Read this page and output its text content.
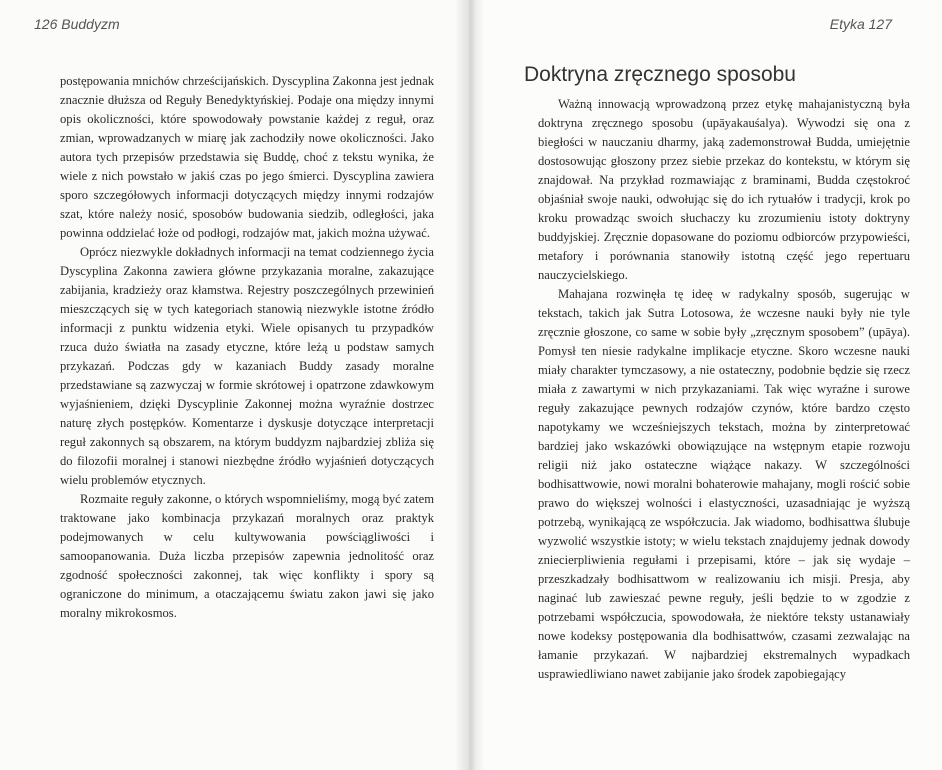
126 Buddyzm

postępowania mnichów chrześcijańskich. Dyscyplina Zakonna jest jednak znacznie dłuższa od Reguły Benedyktyńskiej. Podaje ona między innymi opis okoliczności, które spowodowały powstanie każdej z reguł, oraz zmian, wprowadzanych w miarę jak zachodziły nowe okoliczności. Jako autora tych przepisów przedstawia się Buddę, choć z tekstu wynika, że wiele z nich powstało w jakiś czas po jego śmierci. Dyscyplina zawiera sporo szczegółowych informacji dotyczących między innymi rodzajów szat, które należy nosić, sposobów budowania siedzib, odległości, jaka powinna oddzielać łoże od podłogi, rodzajów mat, jakich można używać.

Oprócz niezwykle dokładnych informacji na temat codziennego życia Dyscyplina Zakonna zawiera główne przykazania moralne, zakazujące zabijania, kradzieży oraz kłamstwa. Rejestry poszczególnych przewinień mieszczących się w tych kategoriach stanowią niezwykle istotne źródło informacji z punktu widzenia etyki. Wiele opisanych tu przypadków rzuca dużo światła na zasady etyczne, które leżą u podstaw samych przykazań. Podczas gdy w kazaniach Buddy zasady moralne przedstawiane są zazwyczaj w formie skrótowej i opatrzone zdawkowym wyjaśnieniem, dzięki Dyscyplinie Zakonnej można wyraźnie dostrzec naturę złych postępków. Komentarze i dyskusje dotyczące interpretacji reguł zakonnych są obszarem, na którym buddyzm najbardziej zbliża się do filozofii moralnej i stanowi niezbędne źródło wyjaśnień dotyczących wielu problemów etycznych.

Rozmaite reguły zakonne, o których wspomnieliśmy, mogą być zatem traktowane jako kombinacja przykazań moralnych oraz praktyk podejmowanych w celu kultywowania powściągliwości i samoopanowania. Duża liczba przepisów zapewnia jednolitość oraz zgodność społeczności zakonnej, tak więc konflikty i spory są ograniczone do minimum, a otaczającemu światu zakon jawi się jako moralny mikrokosmos.

Etyka 127

Doktryna zręcznego sposobu

Ważną innowacją wprowadzoną przez etykę mahajanistyczną była doktryna zręcznego sposobu (upāyakauśalya). Wywodzi się ona z biegłości w nauczaniu dharmy, jaką zademonstrował Budda, umiejętnie dostosowując głoszony przez siebie przekaz do kontekstu, w którym się znajdował. Na przykład rozmawiając z braminami, Budda częstokroć objaśniał swoje nauki, odwołując się do ich rytuałów i tradycji, krok po kroku prowadząc swoich słuchaczy ku zrozumieniu istoty doktryny buddyjskiej. Zręcznie dopasowane do poziomu odbiorców przypowieści, metafory i porównania stanowiły istotną część jego repertuaru nauczycielskiego.

Mahajana rozwinęła tę ideę w radykalny sposób, sugerując w tekstach, takich jak Sutra Lotosowa, że wczesne nauki były nie tyle zręcznie głoszone, co same w sobie były „zręcznym sposobem” (upāya). Pomysł ten niesie radykalne implikacje etyczne. Skoro wczesne nauki miały charakter tymczasowy, a nie ostateczny, podobnie będzie się rzecz miała z zawartymi w nich przykazaniami. Tak więc wyraźne i surowe reguły zakazujące pewnych rodzajów czynów, które bardzo często napotykamy we wcześniejszych tekstach, można by zinterpretować bardziej jako wskazówki obowiązujące na wstępnym etapie rozwoju religii niż jako ostateczne wiążące nakazy. W szczególności bodhisattwowie, nowi moralni bohaterowie mahajany, mogli rościć sobie prawo do większej wolności i elastyczności, uzasadniając je wyższą potrzebą, wynikającą ze współczucia. Jak wiadomo, bodhisattwa ślubuje wyzwolić wszystkie istoty; w wielu tekstach znajdujemy jednak dowody zniecierpliwienia regułami i przepisami, które – jak się wydaje – przeszkadzały bodhisattwom w realizowaniu ich misji. Presja, aby naginać lub zawieszać pewne reguły, jeśli będzie to w zgodzie z potrzebami współczucia, spowodowała, że niektóre teksty ustanawiały nowe kodeksy postępowania dla bodhisattwów, czasami zezwalając na łamanie przykazań. W najbardziej ekstremalnych wypadkach usprawiedliwiano nawet zabijanie jako środek zapobiegający
